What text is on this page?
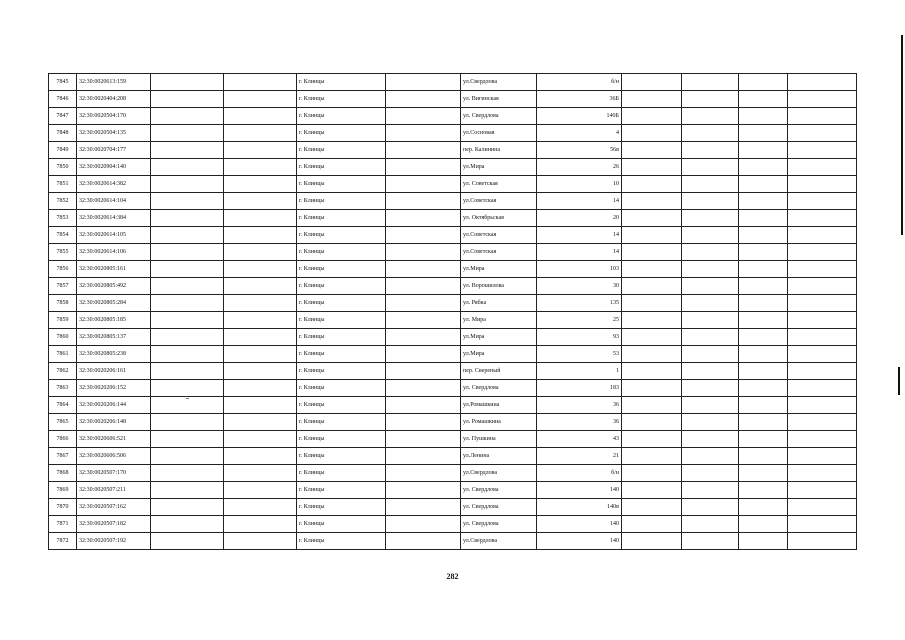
7845	32:30:0020613:159			г. Клинцы		ул.Свердлова	б/н				
7846	32:30:0020404:208			г. Клинцы		ул. Вигинская	36Б				
7847	32:30:0020504:170			г. Клинцы		ул. Свердлова	140Б				
7848	32:30:0020504:135			г. Клинцы		ул.Сосновая	4				
7849	32:30:0020704:177			г. Клинцы		пер. Калинина	56в				
7850	32:30:0020904:140			г. Клинцы		ул.Мира	26				
7851	32:30:0020614:382			г. Клинцы		ул. Советская	10				
7852	32:30:0020614:104			г. Клинцы		ул.Советская	14				
7853	32:30:0020614:384			г. Клинцы		ул. Октябрьская	20				
7854	32:30:0020614:105			г. Клинцы		ул.Советская	14				
7855	32:30:0020614:106			г. Клинцы		ул.Советская	14				
7856	32:30:0020805:161			г. Клинцы		ул.Мира	103				
7857	32:30:0020805:492			г. Клинцы		ул. Ворошилова	30				
7858	32:30:0020805:284			г. Клинцы		ул. Рябка	135				
7859	32:30:0020805:185			г. Клинцы		ул. Мира	25				
7860	32:30:0020805:137			г. Клинцы		ул.Мира	93				
7861	32:30:0020805:238			г. Клинцы		ул.Мира	53				
7862	32:30:0020206:161			г. Клинцы		пер. Свеpеный	1				
7863	32:30:0020206:152			г. Клинцы		ул. Свердлова	183				
7864	32:30:0020206:144			г. Клинцы		ул.Ромашкина	36				
7865	32:30:0020206:148			г. Клинцы		ул. Ромашкина	36				
7866	32:30:0020606:521			г. Клинцы		ул. Пушкина	43				
7867	32:30:0020606:506			г. Клинцы		ул.Ленина	21				
7868	32:30:0020507:170			г. Клинцы		ул.Свердлова	б/н				
7869	32:30:0020507:211			г. Клинцы		ул. Свердлова	140				
7870	32:30:0020507:162			г. Клинцы		ул. Свердлова	140в				
7871	32:30:0020507:182			г. Клинцы		ул. Свердлова	140				
7872	32:30:0020507:192			г. Клинцы		ул.Свердлова	140				
282
